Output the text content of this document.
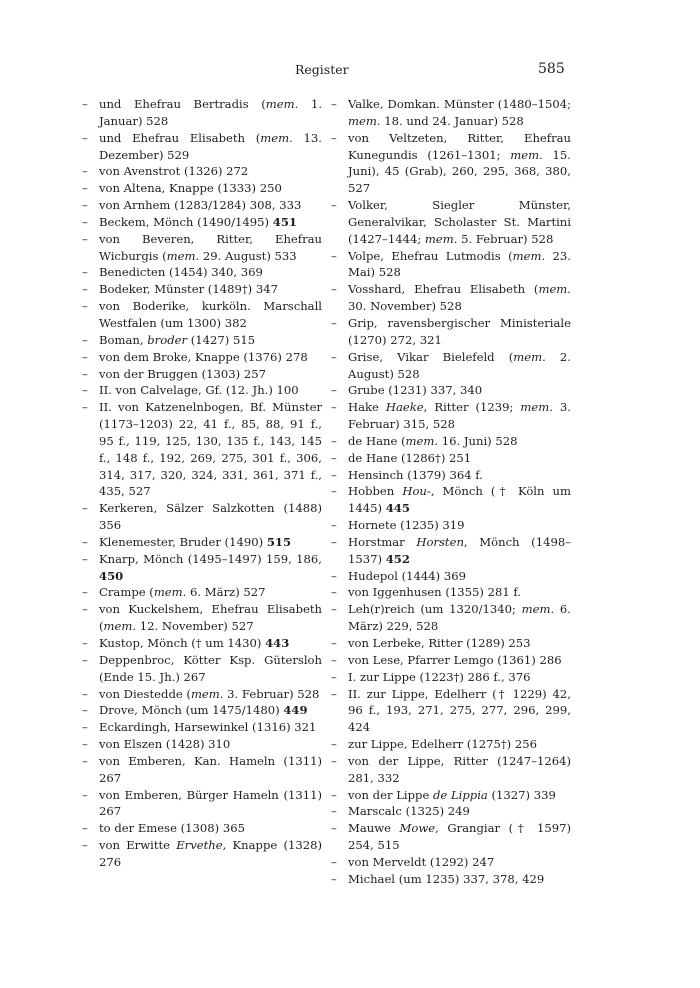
Register	585
– und Ehefrau Bertradis (mem. 1. Januar) 528
– und Ehefrau Elisabeth (mem. 13. Dezember) 529
– von Avenstrot (1326) 272
– von Altena, Knappe (1333) 250
– von Arnhem (1283/1284) 308, 333
– Beckem, Mönch (1490/1495) 451
– von Beveren, Ritter, Ehefrau Wicburgis (mem. 29. August) 533
– Benedicten (1454) 340, 369
– Bodeker, Münster (1489†) 347
– von Boderike, kurköln. Marschall Westfalen (um 1300) 382
– Boman, broder (1427) 515
– von dem Broke, Knappe (1376) 278
– von der Bruggen (1303) 257
– II. von Calvelage, Gf. (12. Jh.) 100
– II. von Katzenelnbogen, Bf. Münster (1173–1203) 22, 41 f., 85, 88, 91 f., 95 f., 119, 125, 130, 135 f., 143, 145 f., 148 f., 192, 269, 275, 301 f., 306, 314, 317, 320, 324, 331, 361, 371 f., 435, 527
– Kerkeren, Sälzer Salzkotten (1488) 356
– Klenemester, Bruder (1490) 515
– Knarp, Mönch (1495–1497) 159, 186, 450
– Crampe (mem. 6. März) 527
– von Kuckelshem, Ehefrau Elisabeth (mem. 12. November) 527
– Kustop, Mönch († um 1430) 443
– Deppenbroc, Kötter Ksp. Gütersloh (Ende 15. Jh.) 267
– von Diestedde (mem. 3. Februar) 528
– Drove, Mönch (um 1475/1480) 449
– Eckardingh, Harsewinkel (1316) 321
– von Elszen (1428) 310
– von Emberen, Kan. Hameln (1311) 267
– von Emberen, Bürger Hameln (1311) 267
– to der Emese (1308) 365
– von Erwitte Ervethe, Knappe (1328) 276
– Valke, Domkan. Münster (1480–1504; mem. 18. und 24. Januar) 528
– von Veltzeten, Ritter, Ehefrau Kunegundis (1261–1301; mem. 15. Juni), 45 (Grab), 260, 295, 368, 380, 527
– Volker, Siegler Münster, Generalvikar, Scholaster St. Martini (1427–1444; mem. 5. Februar) 528
– Volpe, Ehefrau Lutmodis (mem. 23. Mai) 528
– Vosshard, Ehefrau Elisabeth (mem. 30. November) 528
– Grip, ravensbergischer Ministeriale (1270) 272, 321
– Grise, Vikar Bielefeld (mem. 2. August) 528
– Grube (1231) 337, 340
– Hake Haeke, Ritter (1239; mem. 3. Februar) 315, 528
– de Hane (mem. 16. Juni) 528
– de Hane (1286†) 251
– Hensinch (1379) 364 f.
– Hobben Hou-, Mönch († Köln um 1445) 445
– Hornete (1235) 319
– Horstmar Horsten, Mönch (1498–1537) 452
– Hudepol (1444) 369
– von Iggenhusen (1355) 281 f.
– Leh(r)reich (um 1320/1340; mem. 6. März) 229, 528
– von Lerbeke, Ritter (1289) 253
– von Lese, Pfarrer Lemgo (1361) 286
– I. zur Lippe (1223†) 286 f., 376
– II. zur Lippe, Edelherr († 1229) 42, 96 f., 193, 271, 275, 277, 296, 299, 424
– zur Lippe, Edelherr (1275†) 256
– von der Lippe, Ritter (1247–1264) 281, 332
– von der Lippe de Lippia (1327) 339
– Marscalc (1325) 249
– Mauwe Mowe, Grangiar († 1597) 254, 515
– von Merveldt (1292) 247
– Michael (um 1235) 337, 378, 429
